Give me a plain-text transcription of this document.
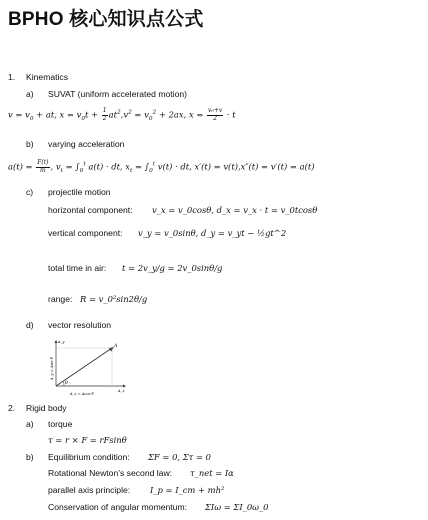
BPHO 核心知识点公式
1. Kinematics
a) SUVAT (uniform accelerated motion)
$v = v_0$ + at, $x = v_0t + \frac{1}{2} at^2,v^2 = v_0^2 + 2ax$, $x = \frac{\text{v₀+v}}{2} \cdot t$
b) varying acceleration
$a(t) = \frac{F(t)}{m}$ , $v_t = \int_0^t$ a(t) · dt, $x_t = \int_0^t$ v(t) · dt, x′(t) = v(t),x″(t) = v′(t) = a(t)
c) projectile motion
horizontal component: v_x = v_0cosθ, d_x = v_x · t = v_0tcosθ
vertical component: v_y = v_0sinθ, d_y = v_yt − ½gt^2
total time in air: t = 2v_y/g = 2v_0sinθ/g
range: R = v_0²sin2θ/g
d) vector resolution
θ
A
A_x
A_y
A_x = Acos θ
A_y = Asin θ
2. Rigid body
a) torque
τ = r × F = rFsinθ
b) Equilibrium condition: ΣF = 0, Στ = 0
Rotational Newton’s second law: τ_net = Iα
parallel axis principle: I_p = I_cm + mh²
Conservation of angular momentum: ΣIω = ΣI_0ω_0
